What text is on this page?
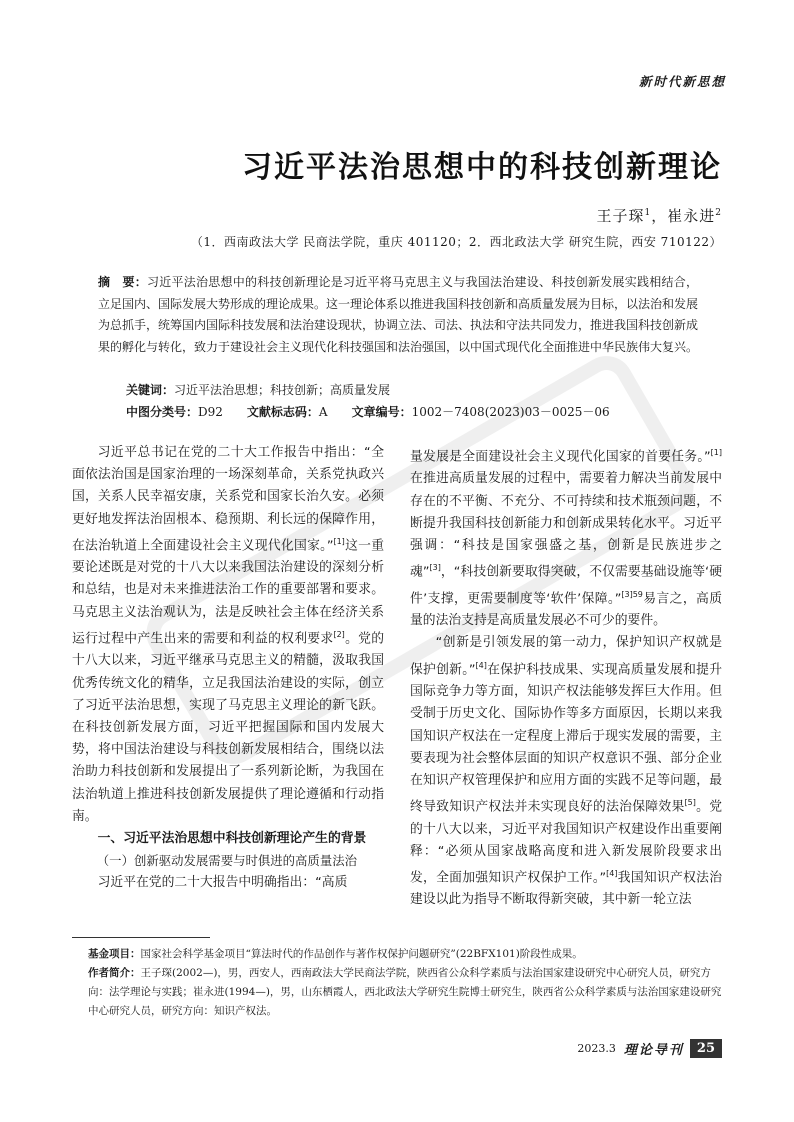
新时代新思想
习近平法治思想中的科技创新理论
王子琛$^1$，崔永进$^2$
（1．西南政法大学 民商法学院，重庆 401120；2．西北政法大学 研究生院，西安 710122）
摘　要：习近平法治思想中的科技创新理论是习近平将马克思主义与我国法治建设、科技创新发展实践相结合，立足国内、国际发展大势形成的理论成果。这一理论体系以推进我国科技创新和高质量发展为目标，以法治和发展为总抓手，统筹国内国际科技发展和法治建设现状，协调立法、司法、执法和守法共同发力，推进我国科技创新成果的孵化与转化，致力于建设社会主义现代化科技强国和法治强国，以中国式现代化全面推进中华民族伟大复兴。
关键词：习近平法治思想；科技创新；高质量发展
中图分类号：D92 文献标志码：A 文章编号：1002－7408(2023)03－0025－06

习近平总书记在党的二十大工作报告中指出：“全面依法治国是国家治理的一场深刻革命，关系党执政兴国，关系人民幸福安康，关系党和国家长治久安。必须更好地发挥法治固根本、稳预期、利长远的保障作用，在法治轨道上全面建设社会主义现代化国家。”[1]这一重要论述既是对党的十八大以来我国法治建设的深刻分析和总结，也是对未来推进法治工作的重要部署和要求。马克思主义法治观认为，法是反映社会主体在经济关系运行过程中产生出来的需要和利益的权利要求[2]。党的十八大以来，习近平继承马克思主义的精髓，汲取我国优秀传统文化的精华，立足我国法治建设的实际，创立了习近平法治思想，实现了马克思主义理论的新飞跃。在科技创新发展方面，习近平把握国际和国内发展大势，将中国法治建设与科技创新发展相结合，围绕以法治助力科技创新和发展提出了一系列新论断，为我国在法治轨道上推进科技创新发展提供了理论遵循和行动指南。

一、习近平法治思想中科技创新理论产生的背景

（一）创新驱动发展需要与时俱进的高质量法治

习近平在党的二十大报告中明确指出：“高质

量发展是全面建设社会主义现代化国家的首要任务。”[1]在推进高质量发展的过程中，需要着力解决当前发展中存在的不平衡、不充分、不可持续和技术瓶颈问题，不断提升我国科技创新能力和创新成果转化水平。习近平强调：“科技是国家强盛之基，创新是民族进步之魂”[3]，“科技创新要取得突破，不仅需要基础设施等‘硬件’支撑，更需要制度等‘软件’保障。”$^{[3]59}$易言之，高质量的法治支持是高质量发展必不可少的要件。

“创新是引领发展的第一动力，保护知识产权就是保护创新。”[4]在保护科技成果、实现高质量发展和提升国际竞争力等方面，知识产权法能够发挥巨大作用。但受制于历史文化、国际协作等多方面原因，长期以来我国知识产权法在一定程度上滞后于现实发展的需要，主要表现为社会整体层面的知识产权意识不强、部分企业在知识产权管理保护和应用方面的实践不足等问题，最终导致知识产权法并未实现良好的法治保障效果[5]。党的十八大以来，习近平对我国知识产权建设作出重要阐释：“必须从国家战略高度和进入新发展阶段要求出发，全面加强知识产权保护工作。”[4]我国知识产权法治建设以此为指导不断取得新突破，其中新一轮立法

基金项目：国家社会科学基金项目“算法时代的作品创作与著作权保护问题研究”(22BFX101)阶段性成果。

作者简介：王子琛(2002—)，男，西安人，西南政法大学民商法学院，陕西省公众科学素质与法治国家建设研究中心研究人员，研究方向：法学理论与实践；崔永进(1994—)，男，山东栖霞人，西北政法大学研究生院博士研究生，陕西省公众科学素质与法治国家建设研究中心研究人员，研究方向：知识产权法。

2023.3 理论导刊	25
